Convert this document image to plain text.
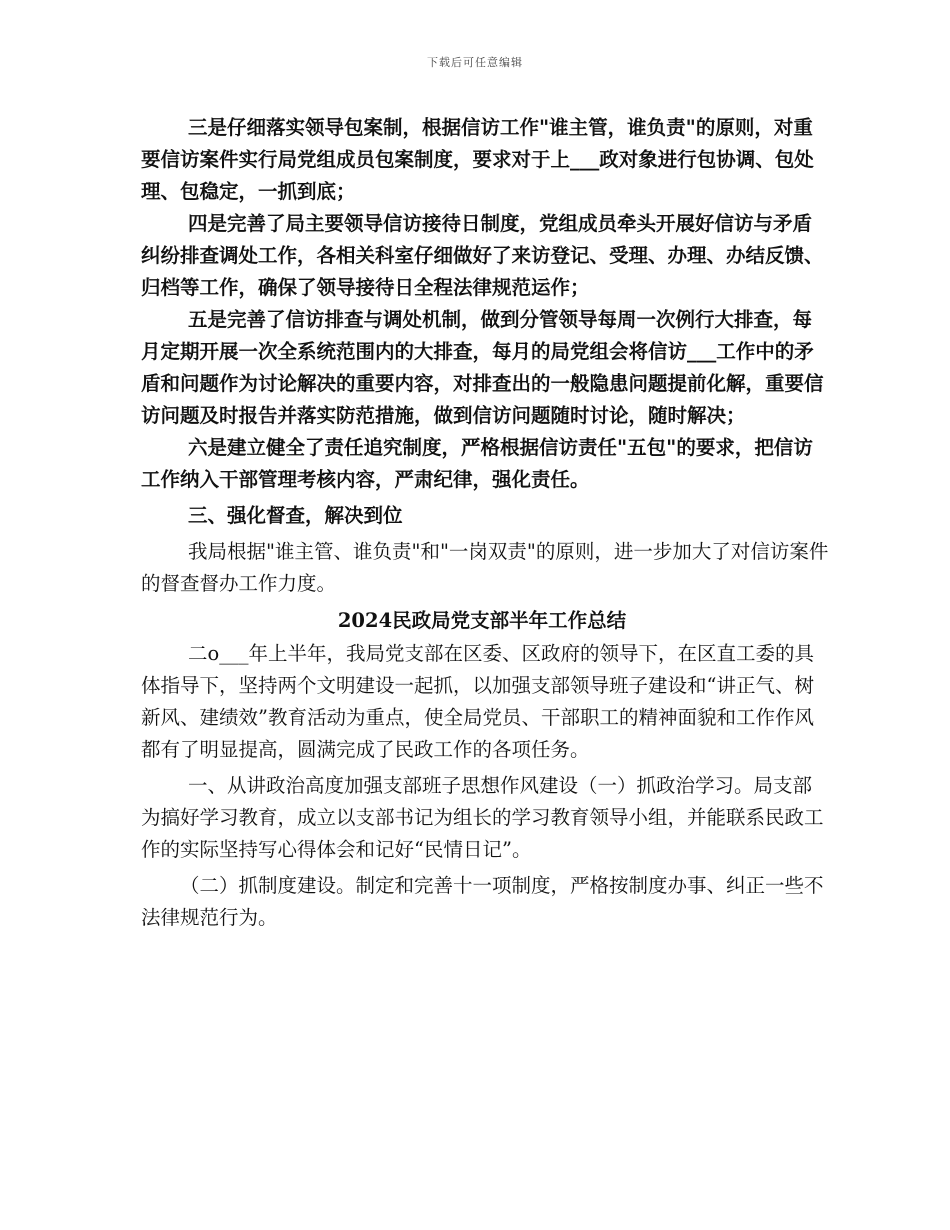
下载后可任意编辑

三是仔细落实领导包案制，根据信访工作"谁主管，谁负责"的原则，对重要信访案件实行局党组成员包案制度，要求对于上___政对象进行包协调、包处理、包稳定，一抓到底；

四是完善了局主要领导信访接待日制度，党组成员牵头开展好信访与矛盾纠纷排查调处工作，各相关科室仔细做好了来访登记、受理、办理、办结反馈、归档等工作，确保了领导接待日全程法律规范运作；

五是完善了信访排查与调处机制，做到分管领导每周一次例行大排查，每月定期开展一次全系统范围内的大排查，每月的局党组会将信访___工作中的矛盾和问题作为讨论解决的重要内容，对排查出的一般隐患问题提前化解，重要信访问题及时报告并落实防范措施，做到信访问题随时讨论，随时解决；

六是建立健全了责任追究制度，严格根据信访责任"五包"的要求，把信访工作纳入干部管理考核内容，严肃纪律，强化责任。

三、强化督查，解决到位

我局根据"谁主管、谁负责"和"一岗双责"的原则，进一步加大了对信访案件的督查督办工作力度。

2024民政局党支部半年工作总结

二o___年上半年，我局党支部在区委、区政府的领导下，在区直工委的具体指导下，坚持两个文明建设一起抓，以加强支部领导班子建设和“讲正气、树新风、建绩效”教育活动为重点，使全局党员、干部职工的精神面貌和工作作风都有了明显提高，圆满完成了民政工作的各项任务。

一、从讲政治高度加强支部班子思想作风建设（一）抓政治学习。局支部为搞好学习教育，成立以支部书记为组长的学习教育领导小组，并能联系民政工作的实际坚持写心得体会和记好“民情日记”。

（二）抓制度建设。制定和完善十一项制度，严格按制度办事、纠正一些不法律规范行为。
